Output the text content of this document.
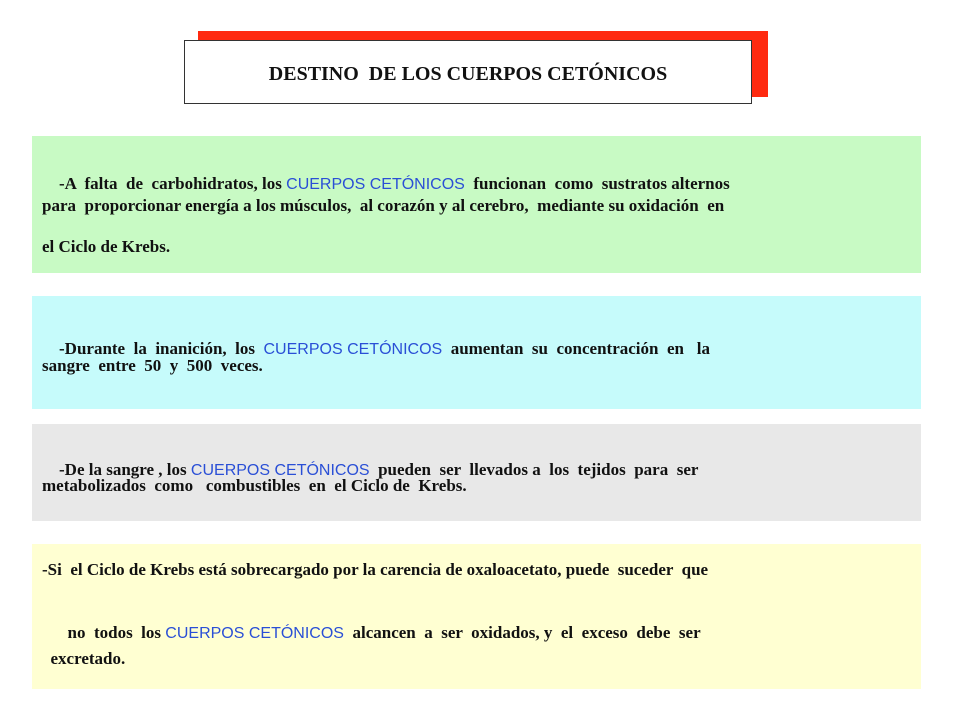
DESTINO  DE LOS CUERPOS CETÓNICOS

-A  falta  de  carbohidratos, los CUERPOS CETÓNICOS  funcionan  como  sustratos alternos

para  proporcionar energía a los músculos,  al corazón y al cerebro,  mediante su oxidación  en
el Ciclo de Krebs.

-Durante  la  inanición,  los  CUERPOS CETÓNICOS  aumentan  su  concentración  en   la

sangre  entre  50  y  500  veces.

-De la sangre , los CUERPOS CETÓNICOS  pueden  ser  llevados a  los  tejidos  para  ser

metabolizados  como   combustibles  en  el Ciclo de  Krebs.
-Si  el Ciclo de Krebs está sobrecargado por la carencia de oxaloacetato, puede  suceder  que

no  todos  los CUERPOS CETÓNICOS  alcancen  a  ser  oxidados, y  el  exceso  debe  ser

excretado.
